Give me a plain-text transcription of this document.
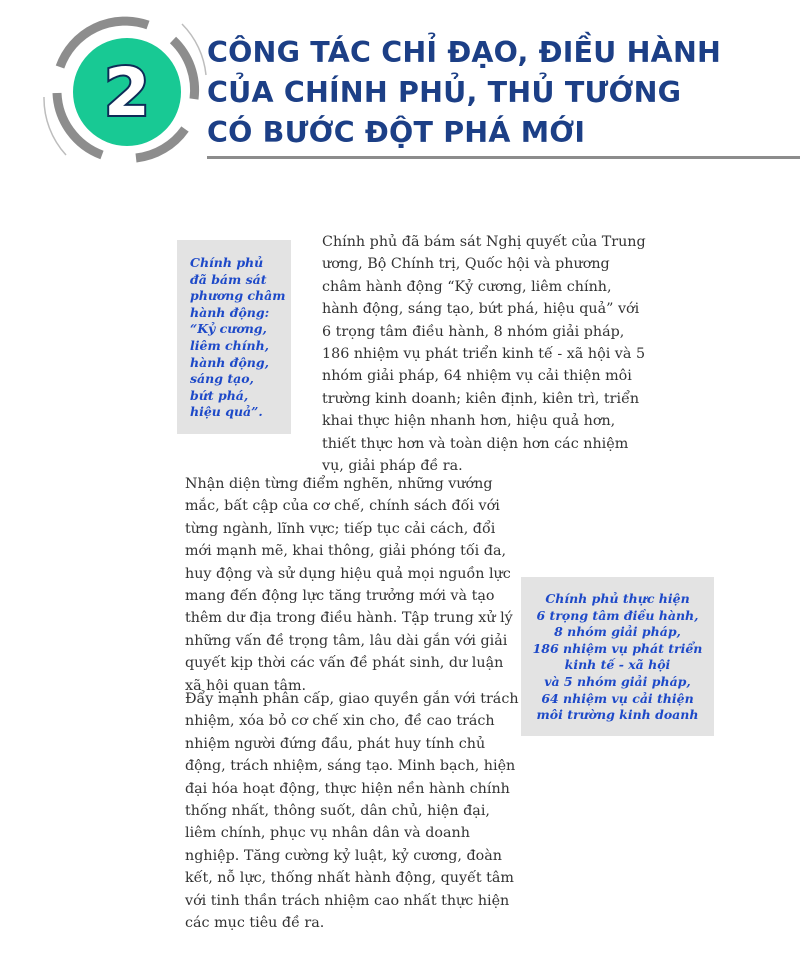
2
CÔNG TÁC CHỈ ĐẠO, ĐIỀU HÀNH
CỦA CHÍNH PHỦ, THỦ TƯỚNG
CÓ BƯỚC ĐỘT PHÁ MỚI
Chính phủ
đã bám sát
phương châm
hành động:
“Kỷ cương,
liêm chính,
hành động,
sáng tạo,
bứt phá,
hiệu quả”.

Chính phủ đã bám sát Nghị quyết của Trung
ương, Bộ Chính trị, Quốc hội và phương
châm hành động “Kỷ cương, liêm chính,
hành động, sáng tạo, bứt phá, hiệu quả” với
6 trọng tâm điều hành, 8 nhóm giải pháp,
186 nhiệm vụ phát triển kinh tế - xã hội và 5
nhóm giải pháp, 64 nhiệm vụ cải thiện môi
trường kinh doanh; kiên định, kiên trì, triển
khai thực hiện nhanh hơn, hiệu quả hơn,
thiết thực hơn và toàn diện hơn các nhiệm
vụ, giải pháp đề ra.

Nhận diện từng điểm nghẽn, những vướng
mắc, bất cập của cơ chế, chính sách đối với
từng ngành, lĩnh vực; tiếp tục cải cách, đổi
mới mạnh mẽ, khai thông, giải phóng tối đa,
huy động và sử dụng hiệu quả mọi nguồn lực
mang đến động lực tăng trưởng mới và tạo
thêm dư địa trong điều hành. Tập trung xử lý
những vấn đề trọng tâm, lâu dài gắn với giải
quyết kịp thời các vấn đề phát sinh, dư luận
xã hội quan tâm.

Chính phủ thực hiện
6 trọng tâm điều hành,
8 nhóm giải pháp,
186 nhiệm vụ phát triển
kinh tế - xã hội
và 5 nhóm giải pháp,
64 nhiệm vụ cải thiện
môi trường kinh doanh

Đẩy mạnh phân cấp, giao quyền gắn với trách
nhiệm, xóa bỏ cơ chế xin cho, đề cao trách
nhiệm người đứng đầu, phát huy tính chủ
động, trách nhiệm, sáng tạo. Minh bạch, hiện
đại hóa hoạt động, thực hiện nền hành chính
thống nhất, thông suốt, dân chủ, hiện đại,
liêm chính, phục vụ nhân dân và doanh
nghiệp. Tăng cường kỷ luật, kỷ cương, đoàn
kết, nỗ lực, thống nhất hành động, quyết tâm
với tinh thần trách nhiệm cao nhất thực hiện
các mục tiêu đề ra.
